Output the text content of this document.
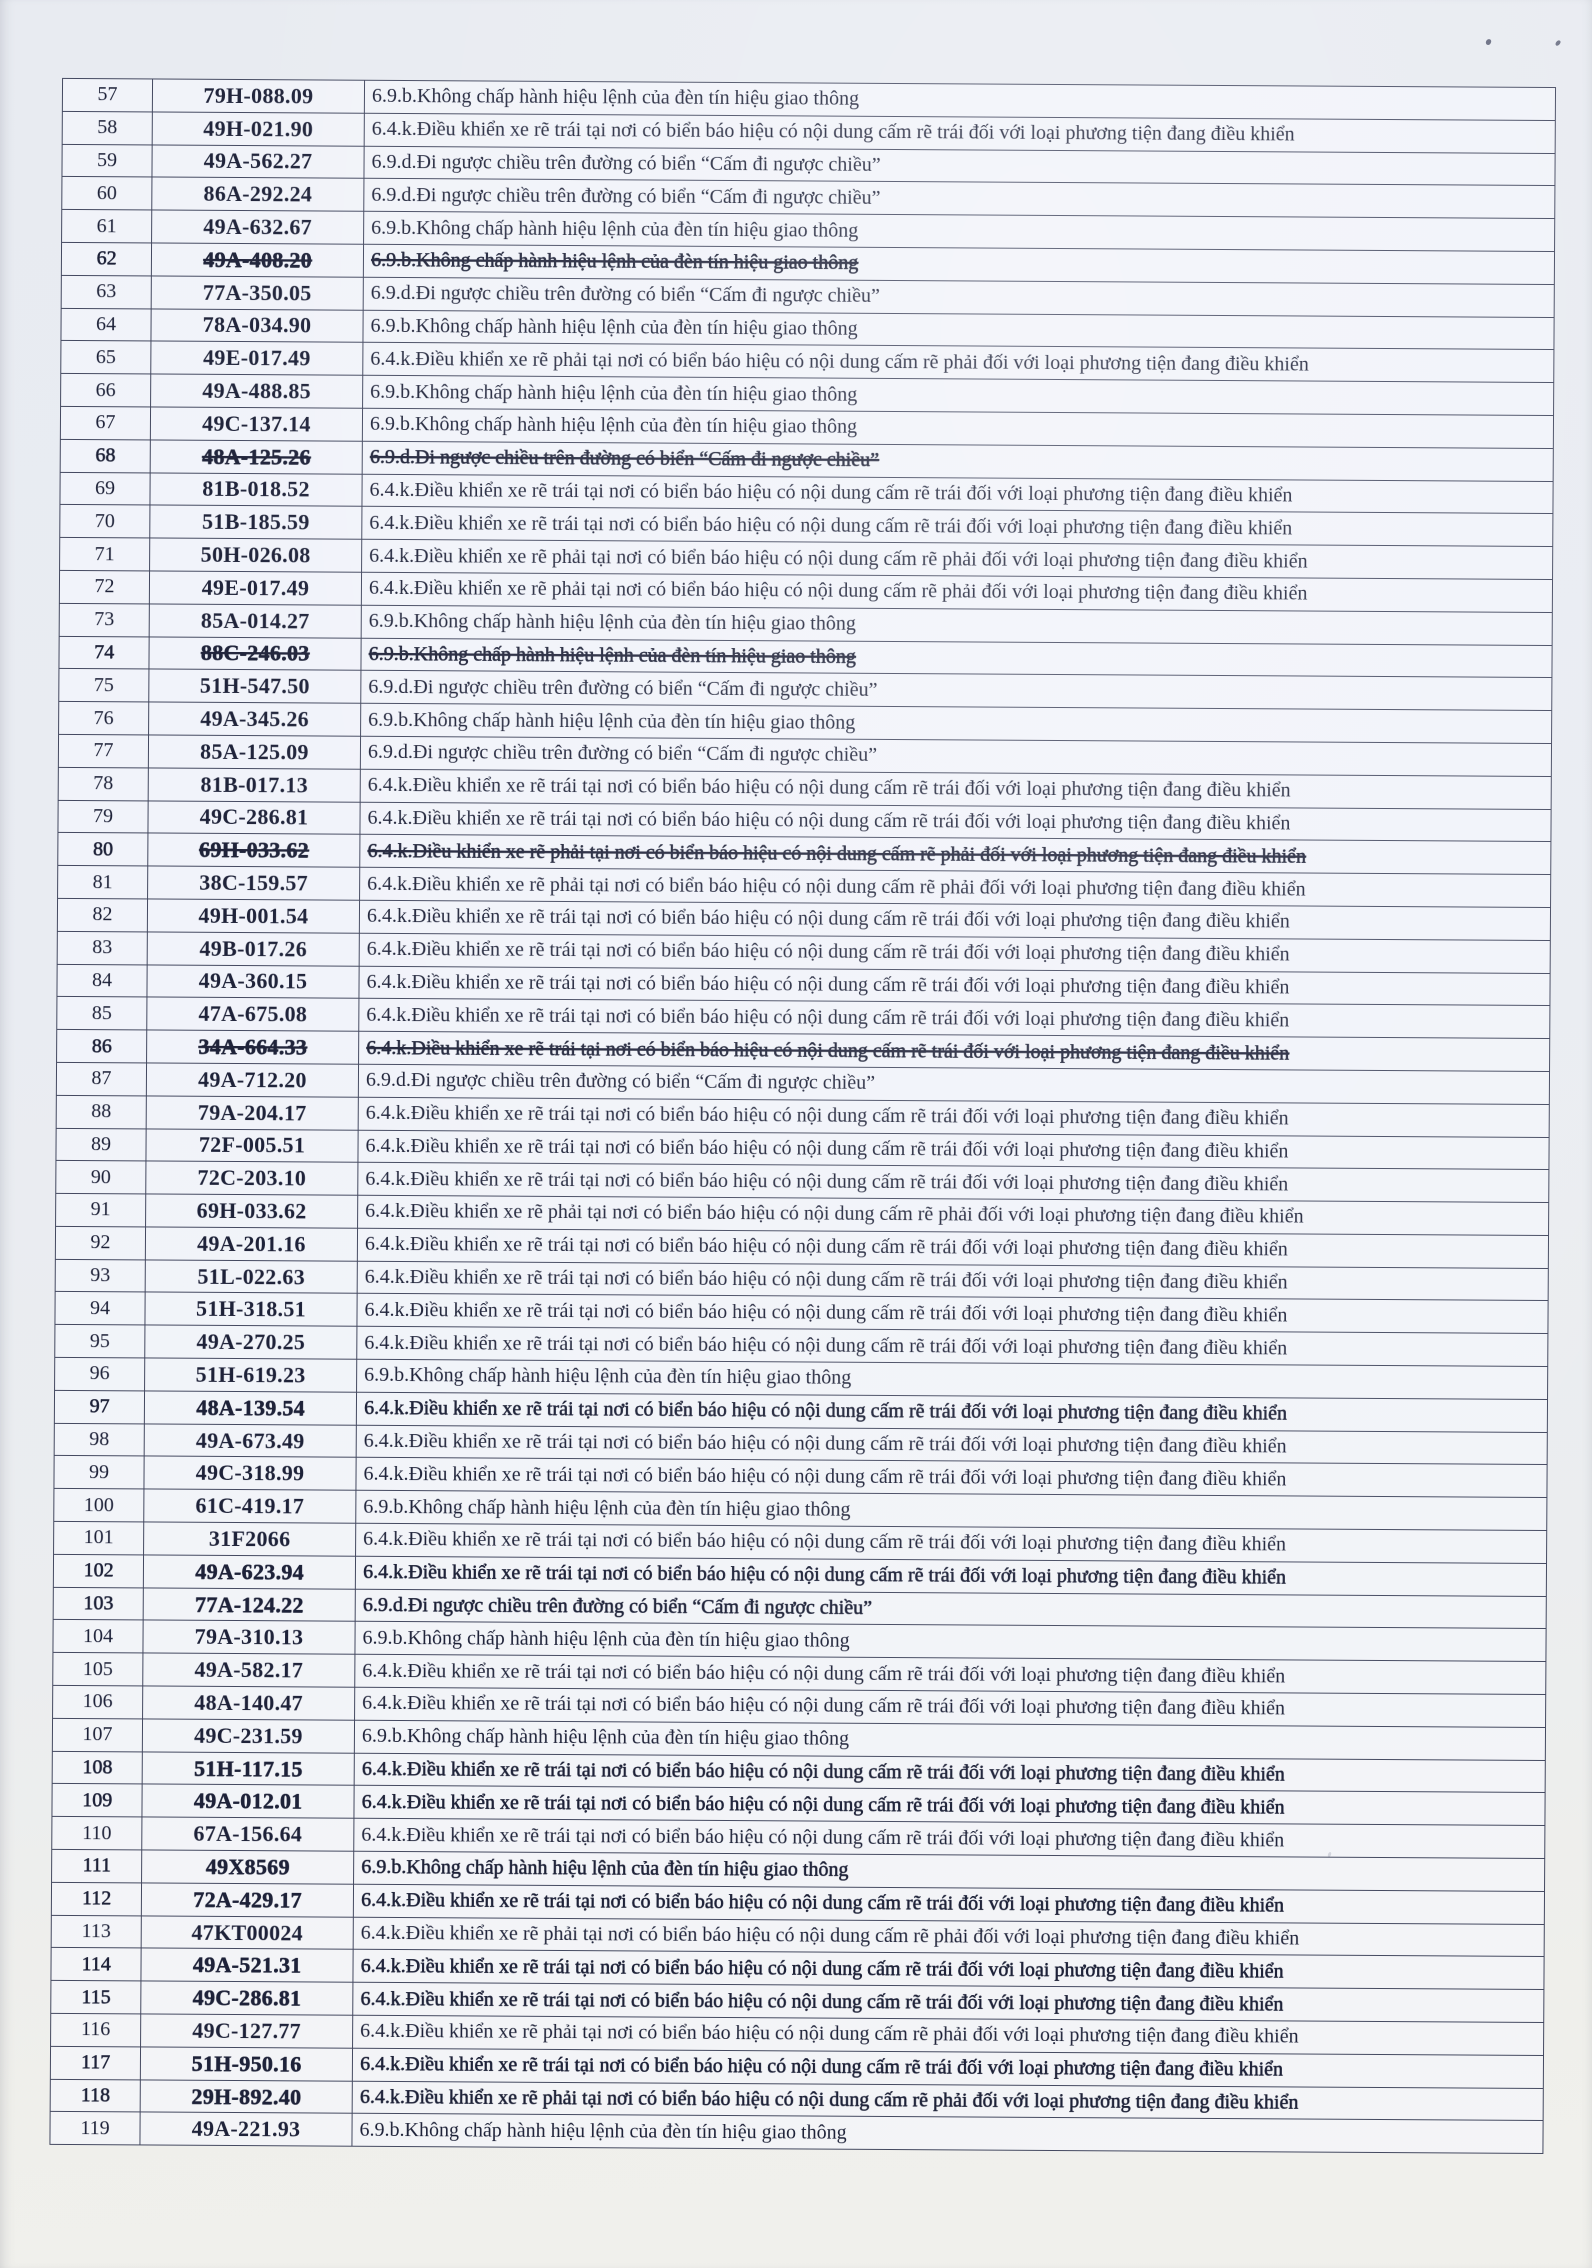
57	79H-088.09	6.9.b.Không chấp hành hiệu lệnh của đèn tín hiệu giao thông
58	49H-021.90	6.4.k.Điều khiển xe rẽ trái tại nơi có biển báo hiệu có nội dung cấm rẽ trái đối với loại phương tiện đang điều khiển
59	49A-562.27	6.9.d.Đi ngược chiều trên đường có biển “Cấm đi ngược chiều”
60	86A-292.24	6.9.d.Đi ngược chiều trên đường có biển “Cấm đi ngược chiều”
61	49A-632.67	6.9.b.Không chấp hành hiệu lệnh của đèn tín hiệu giao thông
62	49A-408.20	6.9.b.Không chấp hành hiệu lệnh của đèn tín hiệu giao thông
63	77A-350.05	6.9.d.Đi ngược chiều trên đường có biển “Cấm đi ngược chiều”
64	78A-034.90	6.9.b.Không chấp hành hiệu lệnh của đèn tín hiệu giao thông
65	49E-017.49	6.4.k.Điều khiển xe rẽ phải tại nơi có biển báo hiệu có nội dung cấm rẽ phải đối với loại phương tiện đang điều khiển
66	49A-488.85	6.9.b.Không chấp hành hiệu lệnh của đèn tín hiệu giao thông
67	49C-137.14	6.9.b.Không chấp hành hiệu lệnh của đèn tín hiệu giao thông
68	48A-125.26	6.9.d.Đi ngược chiều trên đường có biển “Cấm đi ngược chiều”
69	81B-018.52	6.4.k.Điều khiển xe rẽ trái tại nơi có biển báo hiệu có nội dung cấm rẽ trái đối với loại phương tiện đang điều khiển
70	51B-185.59	6.4.k.Điều khiển xe rẽ trái tại nơi có biển báo hiệu có nội dung cấm rẽ trái đối với loại phương tiện đang điều khiển
71	50H-026.08	6.4.k.Điều khiển xe rẽ phải tại nơi có biển báo hiệu có nội dung cấm rẽ phải đối với loại phương tiện đang điều khiển
72	49E-017.49	6.4.k.Điều khiển xe rẽ phải tại nơi có biển báo hiệu có nội dung cấm rẽ phải đối với loại phương tiện đang điều khiển
73	85A-014.27	6.9.b.Không chấp hành hiệu lệnh của đèn tín hiệu giao thông
74	88C-246.03	6.9.b.Không chấp hành hiệu lệnh của đèn tín hiệu giao thông
75	51H-547.50	6.9.d.Đi ngược chiều trên đường có biển “Cấm đi ngược chiều”
76	49A-345.26	6.9.b.Không chấp hành hiệu lệnh của đèn tín hiệu giao thông
77	85A-125.09	6.9.d.Đi ngược chiều trên đường có biển “Cấm đi ngược chiều”
78	81B-017.13	6.4.k.Điều khiển xe rẽ trái tại nơi có biển báo hiệu có nội dung cấm rẽ trái đối với loại phương tiện đang điều khiển
79	49C-286.81	6.4.k.Điều khiển xe rẽ trái tại nơi có biển báo hiệu có nội dung cấm rẽ trái đối với loại phương tiện đang điều khiển
80	69H-033.62	6.4.k.Điều khiển xe rẽ phải tại nơi có biển báo hiệu có nội dung cấm rẽ phải đối với loại phương tiện đang điều khiển
81	38C-159.57	6.4.k.Điều khiển xe rẽ phải tại nơi có biển báo hiệu có nội dung cấm rẽ phải đối với loại phương tiện đang điều khiển
82	49H-001.54	6.4.k.Điều khiển xe rẽ trái tại nơi có biển báo hiệu có nội dung cấm rẽ trái đối với loại phương tiện đang điều khiển
83	49B-017.26	6.4.k.Điều khiển xe rẽ trái tại nơi có biển báo hiệu có nội dung cấm rẽ trái đối với loại phương tiện đang điều khiển
84	49A-360.15	6.4.k.Điều khiển xe rẽ trái tại nơi có biển báo hiệu có nội dung cấm rẽ trái đối với loại phương tiện đang điều khiển
85	47A-675.08	6.4.k.Điều khiển xe rẽ trái tại nơi có biển báo hiệu có nội dung cấm rẽ trái đối với loại phương tiện đang điều khiển
86	34A-664.33	6.4.k.Điều khiển xe rẽ trái tại nơi có biển báo hiệu có nội dung cấm rẽ trái đối với loại phương tiện đang điều khiển
87	49A-712.20	6.9.d.Đi ngược chiều trên đường có biển “Cấm đi ngược chiều”
88	79A-204.17	6.4.k.Điều khiển xe rẽ trái tại nơi có biển báo hiệu có nội dung cấm rẽ trái đối với loại phương tiện đang điều khiển
89	72F-005.51	6.4.k.Điều khiển xe rẽ trái tại nơi có biển báo hiệu có nội dung cấm rẽ trái đối với loại phương tiện đang điều khiển
90	72C-203.10	6.4.k.Điều khiển xe rẽ trái tại nơi có biển báo hiệu có nội dung cấm rẽ trái đối với loại phương tiện đang điều khiển
91	69H-033.62	6.4.k.Điều khiển xe rẽ phải tại nơi có biển báo hiệu có nội dung cấm rẽ phải đối với loại phương tiện đang điều khiển
92	49A-201.16	6.4.k.Điều khiển xe rẽ trái tại nơi có biển báo hiệu có nội dung cấm rẽ trái đối với loại phương tiện đang điều khiển
93	51L-022.63	6.4.k.Điều khiển xe rẽ trái tại nơi có biển báo hiệu có nội dung cấm rẽ trái đối với loại phương tiện đang điều khiển
94	51H-318.51	6.4.k.Điều khiển xe rẽ trái tại nơi có biển báo hiệu có nội dung cấm rẽ trái đối với loại phương tiện đang điều khiển
95	49A-270.25	6.4.k.Điều khiển xe rẽ trái tại nơi có biển báo hiệu có nội dung cấm rẽ trái đối với loại phương tiện đang điều khiển
96	51H-619.23	6.9.b.Không chấp hành hiệu lệnh của đèn tín hiệu giao thông
97	48A-139.54	6.4.k.Điều khiển xe rẽ trái tại nơi có biển báo hiệu có nội dung cấm rẽ trái đối với loại phương tiện đang điều khiển
98	49A-673.49	6.4.k.Điều khiển xe rẽ trái tại nơi có biển báo hiệu có nội dung cấm rẽ trái đối với loại phương tiện đang điều khiển
99	49C-318.99	6.4.k.Điều khiển xe rẽ trái tại nơi có biển báo hiệu có nội dung cấm rẽ trái đối với loại phương tiện đang điều khiển
100	61C-419.17	6.9.b.Không chấp hành hiệu lệnh của đèn tín hiệu giao thông
101	31F2066	6.4.k.Điều khiển xe rẽ trái tại nơi có biển báo hiệu có nội dung cấm rẽ trái đối với loại phương tiện đang điều khiển
102	49A-623.94	6.4.k.Điều khiển xe rẽ trái tại nơi có biển báo hiệu có nội dung cấm rẽ trái đối với loại phương tiện đang điều khiển
103	77A-124.22	6.9.d.Đi ngược chiều trên đường có biển “Cấm đi ngược chiều”
104	79A-310.13	6.9.b.Không chấp hành hiệu lệnh của đèn tín hiệu giao thông
105	49A-582.17	6.4.k.Điều khiển xe rẽ trái tại nơi có biển báo hiệu có nội dung cấm rẽ trái đối với loại phương tiện đang điều khiển
106	48A-140.47	6.4.k.Điều khiển xe rẽ trái tại nơi có biển báo hiệu có nội dung cấm rẽ trái đối với loại phương tiện đang điều khiển
107	49C-231.59	6.9.b.Không chấp hành hiệu lệnh của đèn tín hiệu giao thông
108	51H-117.15	6.4.k.Điều khiển xe rẽ trái tại nơi có biển báo hiệu có nội dung cấm rẽ trái đối với loại phương tiện đang điều khiển
109	49A-012.01	6.4.k.Điều khiển xe rẽ trái tại nơi có biển báo hiệu có nội dung cấm rẽ trái đối với loại phương tiện đang điều khiển
110	67A-156.64	6.4.k.Điều khiển xe rẽ trái tại nơi có biển báo hiệu có nội dung cấm rẽ trái đối với loại phương tiện đang điều khiển
111	49X8569	6.9.b.Không chấp hành hiệu lệnh của đèn tín hiệu giao thông
112	72A-429.17	6.4.k.Điều khiển xe rẽ trái tại nơi có biển báo hiệu có nội dung cấm rẽ trái đối với loại phương tiện đang điều khiển
113	47KT00024	6.4.k.Điều khiển xe rẽ phải tại nơi có biển báo hiệu có nội dung cấm rẽ phải đối với loại phương tiện đang điều khiển
114	49A-521.31	6.4.k.Điều khiển xe rẽ trái tại nơi có biển báo hiệu có nội dung cấm rẽ trái đối với loại phương tiện đang điều khiển
115	49C-286.81	6.4.k.Điều khiển xe rẽ trái tại nơi có biển báo hiệu có nội dung cấm rẽ trái đối với loại phương tiện đang điều khiển
116	49C-127.77	6.4.k.Điều khiển xe rẽ phải tại nơi có biển báo hiệu có nội dung cấm rẽ phải đối với loại phương tiện đang điều khiển
117	51H-950.16	6.4.k.Điều khiển xe rẽ trái tại nơi có biển báo hiệu có nội dung cấm rẽ trái đối với loại phương tiện đang điều khiển
118	29H-892.40	6.4.k.Điều khiển xe rẽ phải tại nơi có biển báo hiệu có nội dung cấm rẽ phải đối với loại phương tiện đang điều khiển
119	49A-221.93	6.9.b.Không chấp hành hiệu lệnh của đèn tín hiệu giao thông
